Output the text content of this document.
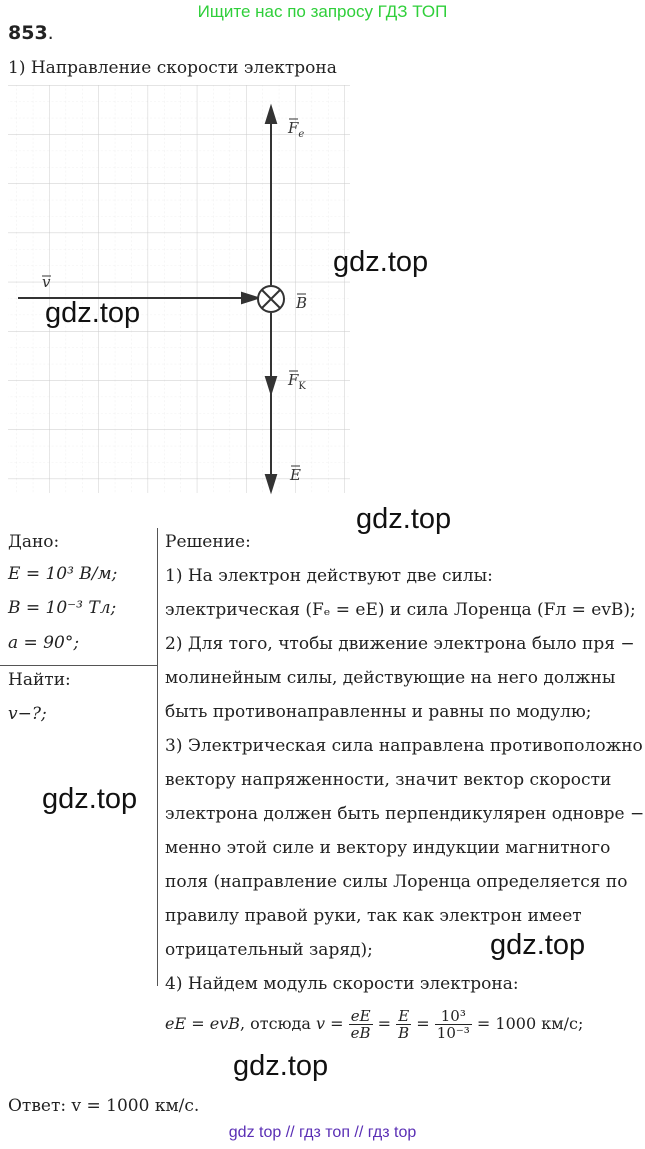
Ищите нас по запросу ГДЗ ТОП
853.
1) Направление скорости электрона
$F_e$
v
B
$F_K$
E
Дано:
E = 10³ В/м;
B = 10⁻³ Тл;
a = 90°;
Найти:
v−?;
Решение:
1) На электрон действуют две силы:
электрическая (Fₑ = eE) и сила Лоренца (Fл = evB);
2) Для того, чтобы движение электрона было пря −
молинейным силы, действующие на него должны
быть противонаправленны и равны по модулю;
3) Электрическая сила направлена противоположно
вектору напряженности, значит вектор скорости
электрона должен быть перпендикулярен одновре −
менно этой силе и вектору индукции магнитного
поля (направление силы Лоренца определяется по
правилу правой руки, так как электрон имеет
отрицательный заряд);
4) Найдем модуль скорости электрона:
eE = evB, отсюда $v = \frac{eE}{eB} = \frac{E}{B} = \frac{\text{10³}}{\text{10⁻³}} = 1000$ км/с;
Ответ: v = 1000 км/с.
gdz.top
gdz.top
gdz.top
gdz.top
gdz.top
gdz.top
gdz top // гдз топ // гдз top
